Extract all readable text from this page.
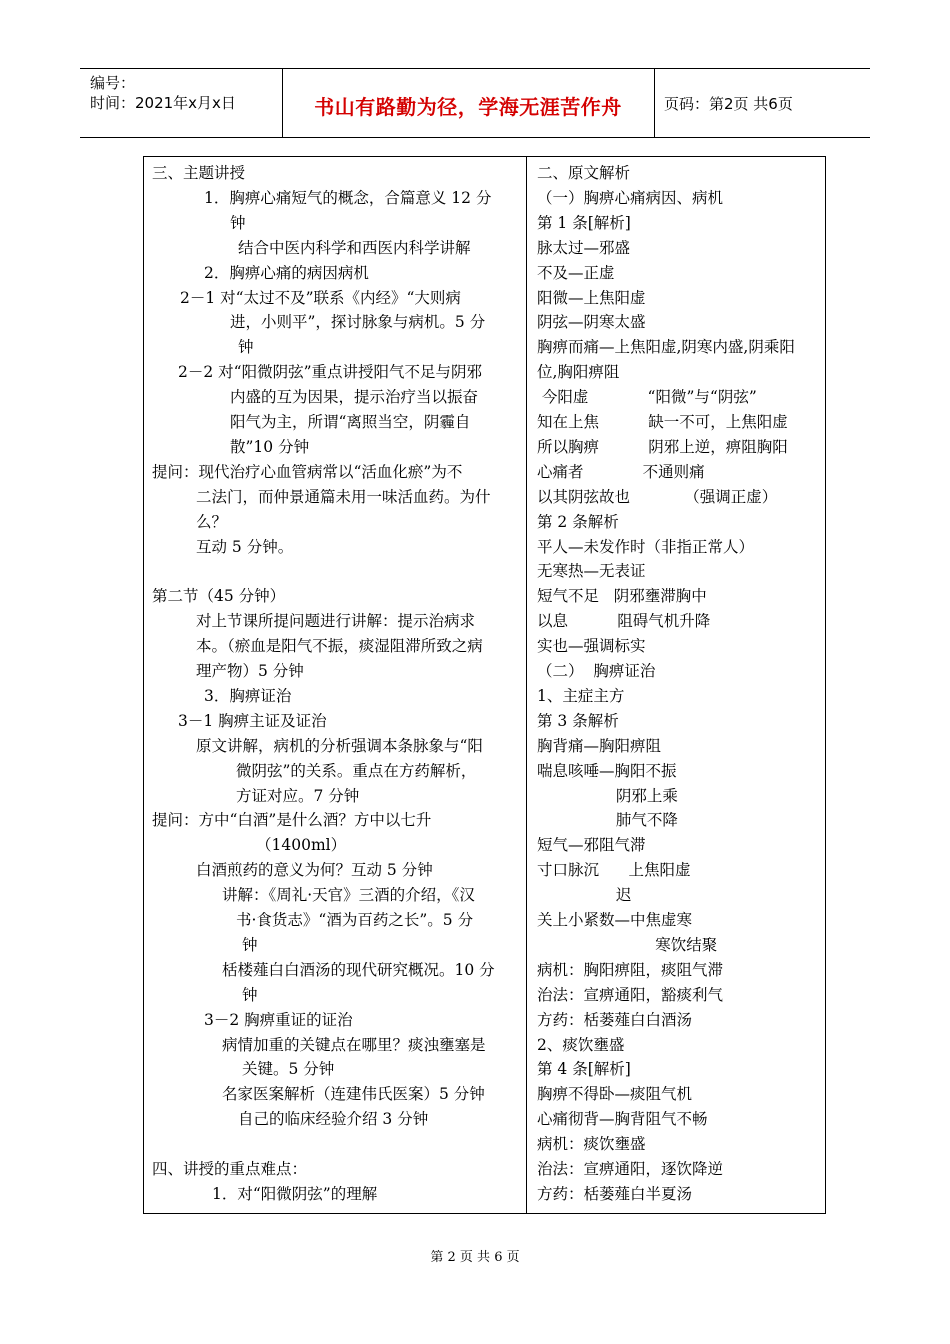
编号：
时间：2021年x月x日	书山有路勤为径，学海无涯苦作舟	页码：第2页 共6页
三、主题讲授
1．胸痹心痛短气的概念，合篇意义 12 分
钟
结合中医内科学和西医内科学讲解
2．胸痹心痛的病因病机
2－1 对“太过不及”联系《内经》“大则病
进，小则平”，探讨脉象与病机。5 分
钟
2－2 对“阳微阴弦”重点讲授阳气不足与阴邪
内盛的互为因果，提示治疗当以振奋
阳气为主，所谓“离照当空，阴霾自
散”10 分钟
提问：现代治疗心血管病常以“活血化瘀”为不
二法门，而仲景通篇未用一味活血药。为什
么？
互动 5 分钟。
第二节（45 分钟）
对上节课所提问题进行讲解：提示治病求
本。（瘀血是阳气不振，痰湿阻滞所致之病
理产物）5 分钟
3．胸痹证治
3－1 胸痹主证及证治
原文讲解，病机的分析强调本条脉象与“阳
微阴弦”的关系。重点在方药解析，
方证对应。7 分钟
提问：方中“白酒”是什么酒？方中以七升
（1400ml）
白酒煎药的意义为何？互动 5 分钟
讲解：《周礼·天官》三酒的介绍，《汉
书·食货志》“酒为百药之长”。5 分
钟
栝楼薤白白酒汤的现代研究概况。10 分
钟
3－2 胸痹重证的证治
病情加重的关键点在哪里？痰浊壅塞是
关键。5 分钟
名家医案解析（连建伟氏医案）5 分钟
自己的临床经验介绍 3 分钟
四、讲授的重点难点：
1．对“阳微阴弦”的理解
二、原文解析
（一）胸痹心痛病因、病机
第 1 条[解析]
脉太过—邪盛
不及—正虚
阳微—上焦阳虚
阴弦—阴寒太盛
胸痹而痛—上焦阳虚,阴寒内盛,阴乘阳
位,胸阳痹阻
今阳虚            “阳微”与“阴弦”
知在上焦          缺一不可，上焦阳虚
所以胸痹          阴邪上逆，痹阻胸阳
心痛者            不通则痛
以其阴弦故也           （强调正虚）
第 2 条解析
平人—未发作时（非指正常人）
无寒热—无表证
短气不足   阴邪壅滞胸中
以息          阻碍气机升降
实也—强调标实
（二）  胸痹证治
1、主症主方
第 3 条解析
胸背痛—胸阳痹阻
喘息咳唾—胸阳不振
阴邪上乘
肺气不降
短气—邪阻气滞
寸口脉沉      上焦阳虚
迟
关上小紧数—中焦虚寒
寒饮结聚
病机：胸阳痹阻，痰阻气滞
治法：宣痹通阳，豁痰利气
方药：栝蒌薤白白酒汤
2、痰饮壅盛
第 4 条[解析]
胸痹不得卧—痰阻气机
心痛彻背—胸背阻气不畅
病机：痰饮壅盛
治法：宣痹通阳，逐饮降逆
方药：栝蒌薤白半夏汤
第 2 页 共 6 页
